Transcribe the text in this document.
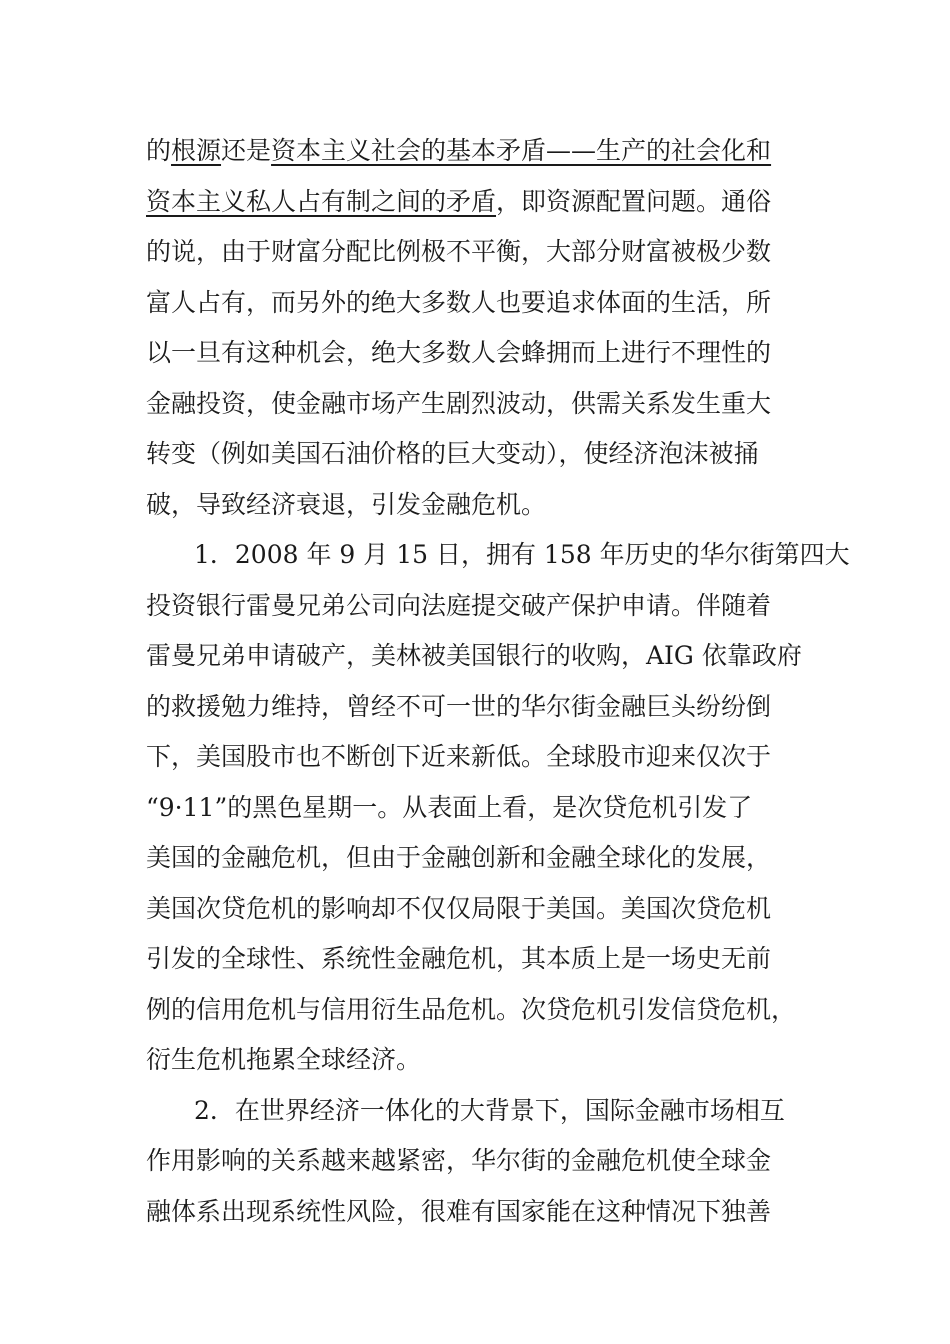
的根源还是资本主义社会的基本矛盾——生产的社会化和
资本主义私人占有制之间的矛盾，即资源配置问题。通俗
的说，由于财富分配比例极不平衡，大部分财富被极少数
富人占有，而另外的绝大多数人也要追求体面的生活，所
以一旦有这种机会，绝大多数人会蜂拥而上进行不理性的
金融投资，使金融市场产生剧烈波动，供需关系发生重大
转变（例如美国石油价格的巨大变动），使经济泡沫被捅
破，导致经济衰退，引发金融危机。
1．2008 年 9 月 15 日，拥有 158 年历史的华尔街第四大
投资银行雷曼兄弟公司向法庭提交破产保护申请。伴随着
雷曼兄弟申请破产，美林被美国银行的收购，AIG 依靠政府
的救援勉力维持，曾经不可一世的华尔街金融巨头纷纷倒
下，美国股市也不断创下近来新低。全球股市迎来仅次于
“9·11”的黑色星期一。从表面上看，是次贷危机引发了
美国的金融危机，但由于金融创新和金融全球化的发展，
美国次贷危机的影响却不仅仅局限于美国。美国次贷危机
引发的全球性、系统性金融危机，其本质上是一场史无前
例的信用危机与信用衍生品危机。次贷危机引发信贷危机，
衍生危机拖累全球经济。
2．在世界经济一体化的大背景下，国际金融市场相互
作用影响的关系越来越紧密，华尔街的金融危机使全球金
融体系出现系统性风险，很难有国家能在这种情况下独善
